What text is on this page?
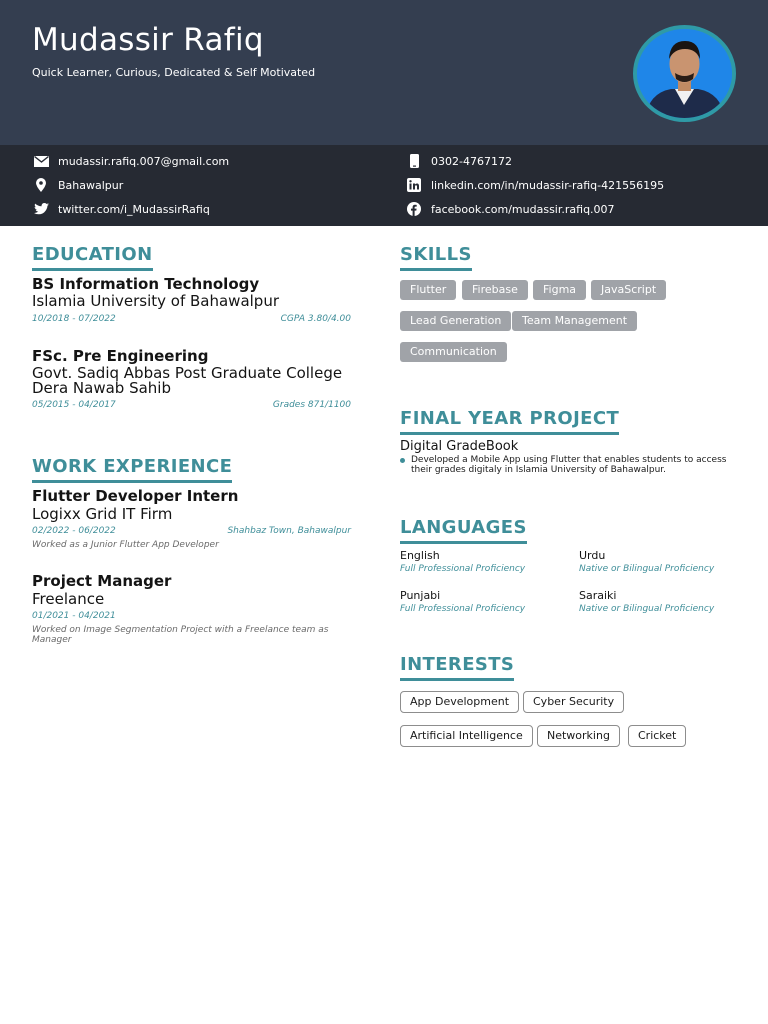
Mudassir Rafiq
Quick Learner, Curious, Dedicated & Self Motivated
mudassir.rafiq.007@gmail.com	0302-4767172
Bahawalpur	linkedin.com/in/mudassir-rafiq-421556195
twitter.com/i_MudassirRafiq	facebook.com/mudassir.rafiq.007
EDUCATION
BS Information Technology
Islamia University of Bahawalpur
10/2018 - 07/2022	CGPA 3.80/4.00
FSc. Pre Engineering
Govt. Sadiq Abbas Post Graduate College
Dera Nawab Sahib
05/2015 - 04/2017	Grades 871/1100
WORK EXPERIENCE
Flutter Developer Intern
Logixx Grid IT Firm
02/2022 - 06/2022	Shahbaz Town, Bahawalpur
Worked as a Junior Flutter App Developer
Project Manager
Freelance
01/2021 - 04/2021
Worked on Image Segmentation Project with a Freelance team as Manager
SKILLS
Flutter	Firebase	Figma	JavaScript
Lead Generation	Team Management
Communication
FINAL YEAR PROJECT
Digital GradeBook
Developed a Mobile App using Flutter that enables students to access their grades digitaly in Islamia University of Bahawalpur.
LANGUAGES
English
Full Professional Proficiency
Urdu
Native or Bilingual Proficiency
Punjabi
Full Professional Proficiency
Saraiki
Native or Bilingual Proficiency
INTERESTS
App Development	Cyber Security
Artificial Intelligence	Networking	Cricket
